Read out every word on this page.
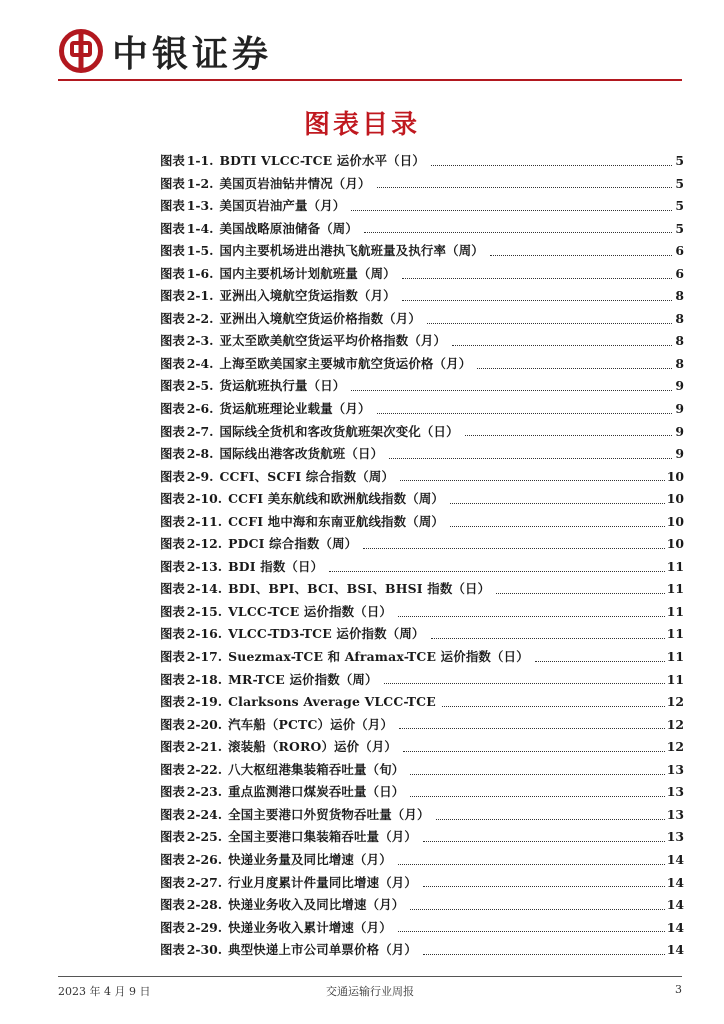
中银证券
图表目录
图表 1-1. BDTI VLCC-TCE 运价水平（日）	5
图表 1-2. 美国页岩油钻井情况（月）	5
图表 1-3. 美国页岩油产量（月）	5
图表 1-4. 美国战略原油储备（周）	5
图表 1-5. 国内主要机场进出港执飞航班量及执行率（周）	6
图表 1-6. 国内主要机场计划航班量（周）	6
图表 2-1. 亚洲出入境航空货运指数（月）	8
图表 2-2. 亚洲出入境航空货运价格指数（月）	8
图表 2-3. 亚太至欧美航空货运平均价格指数（月）	8
图表 2-4. 上海至欧美国家主要城市航空货运价格（月）	8
图表 2-5. 货运航班执行量（日）	9
图表 2-6. 货运航班理论业载量（月）	9
图表 2-7. 国际线全货机和客改货航班架次变化（日）	9
图表 2-8. 国际线出港客改货航班（日）	9
图表 2-9. CCFI、SCFI 综合指数（周）	10
图表 2-10. CCFI 美东航线和欧洲航线指数（周）	10
图表 2-11. CCFI 地中海和东南亚航线指数（周）	10
图表 2-12. PDCI 综合指数（周）	10
图表 2-13. BDI 指数（日）	11
图表 2-14. BDI、BPI、BCI、BSI、BHSI 指数（日）	11
图表 2-15. VLCC-TCE 运价指数（日）	11
图表 2-16. VLCC-TD3-TCE 运价指数（周）	11
图表 2-17. Suezmax-TCE 和 Aframax-TCE 运价指数（日）	11
图表 2-18. MR-TCE 运价指数（周）	11
图表 2-19. Clarksons Average VLCC-TCE	12
图表 2-20. 汽车船（PCTC）运价（月）	12
图表 2-21. 滚装船（RORO）运价（月）	12
图表 2-22. 八大枢纽港集装箱吞吐量（旬）	13
图表 2-23. 重点监测港口煤炭吞吐量（日）	13
图表 2-24. 全国主要港口外贸货物吞吐量（月）	13
图表 2-25. 全国主要港口集装箱吞吐量（月）	13
图表 2-26. 快递业务量及同比增速（月）	14
图表 2-27. 行业月度累计件量同比增速（月）	14
图表 2-28. 快递业务收入及同比增速（月）	14
图表 2-29. 快递业务收入累计增速（月）	14
图表 2-30. 典型快递上市公司单票价格（月）	14
2023 年 4 月 9 日	交通运输行业周报	3
